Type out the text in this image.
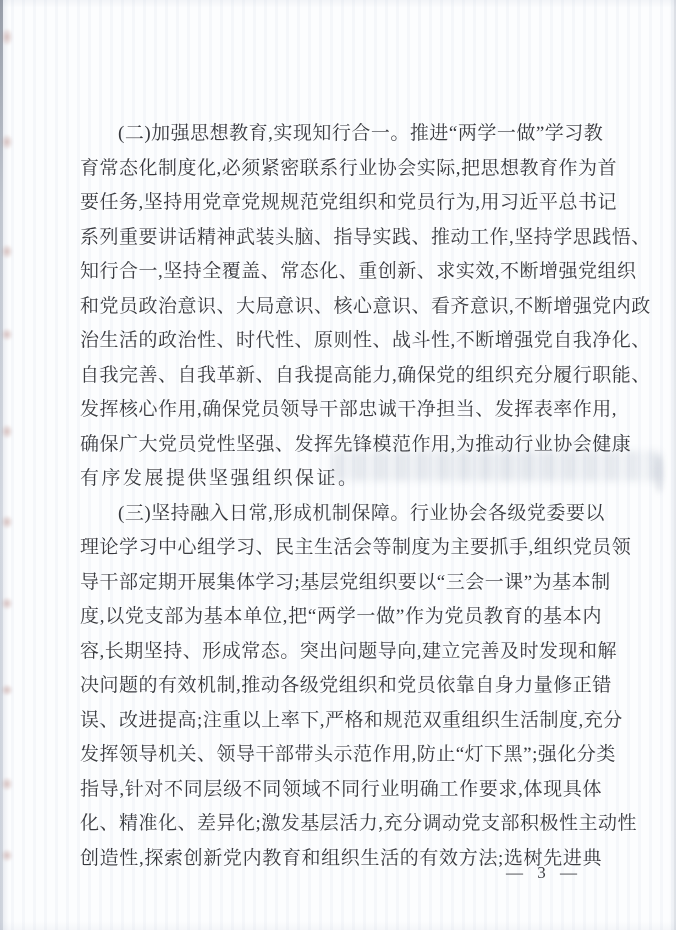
(二)加强思想教育,实现知行合一。推进“两学一做”学习教
育常态化制度化,必须紧密联系行业协会实际,把思想教育作为首
要任务,坚持用党章党规规范党组织和党员行为,用习近平总书记
系列重要讲话精神武装头脑、指导实践、推动工作,坚持学思践悟、
知行合一,坚持全覆盖、常态化、重创新、求实效,不断增强党组织
和党员政治意识、大局意识、核心意识、看齐意识,不断增强党内政
治生活的政治性、时代性、原则性、战斗性,不断增强党自我净化、
自我完善、自我革新、自我提高能力,确保党的组织充分履行职能、
发挥核心作用,确保党员领导干部忠诚干净担当、发挥表率作用,
确保广大党员党性坚强、发挥先锋模范作用,为推动行业协会健康
有序发展提供坚强组织保证。
(三)坚持融入日常,形成机制保障。行业协会各级党委要以
理论学习中心组学习、民主生活会等制度为主要抓手,组织党员领
导干部定期开展集体学习;基层党组织要以“三会一课”为基本制
度,以党支部为基本单位,把“两学一做”作为党员教育的基本内
容,长期坚持、形成常态。突出问题导向,建立完善及时发现和解
决问题的有效机制,推动各级党组织和党员依靠自身力量修正错
误、改进提高;注重以上率下,严格和规范双重组织生活制度,充分
发挥领导机关、领导干部带头示范作用,防止“灯下黑”;强化分类
指导,针对不同层级不同领域不同行业明确工作要求,体现具体
化、精准化、差异化;激发基层活力,充分调动党支部积极性主动性
创造性,探索创新党内教育和组织生活的有效方法;选树先进典
— 3 —
